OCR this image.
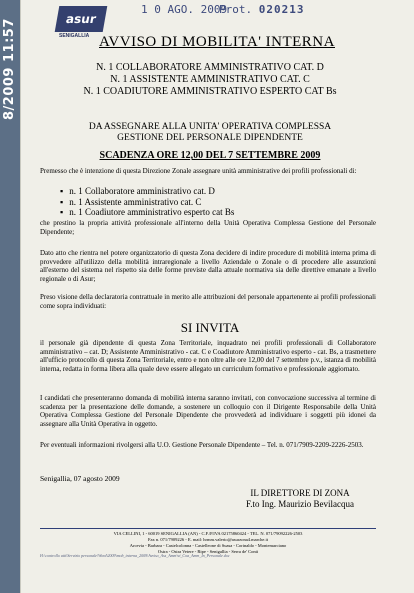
8/2009 11:57	asur
SENIGALLIA
1 0 AGO. 2009
Prot. 020213
AVVISO DI MOBILITA' INTERNA
N. 1 COLLABORATORE AMMINISTRATIVO CAT. D
N. 1 ASSISTENTE AMMINISTRATIVO CAT. C
N. 1 COADIUTORE AMMINISTRATIVO ESPERTO CAT Bs
DA ASSEGNARE ALLA UNITA' OPERATIVA COMPLESSA
GESTIONE DEL PERSONALE DIPENDENTE
SCADENZA ORE 12,00 DEL 7 SETTEMBRE 2009
Premesso che è intenzione di questa Direzione Zonale assegnare unità amministrative dei profili professionali di:
▪ n. 1 Collaboratore amministrativo cat. D
▪ n. 1 Assistente amministrativo cat. C
▪ n. 1 Coadiutore amministrativo esperto cat Bs
che prestino la propria attività professionale all'interno della Unità Operativa Complessa Gestione del Personale Dipendente;
Dato atto che rientra nel potere organizzatorio di questa Zona decidere di indire procedure di mobilità interna prima di provvedere all'utilizzo della mobilità intraregionale a livello Aziendale o Zonale o di procedere alle assunzioni all'esterno del sistema nel rispetto sia delle forme previste dalla attuale normativa sia delle direttive emanate a livello regionale o di Asur;
Preso visione della declaratoria contrattuale in merito alle attribuzioni del personale appartenente ai profili professionali come sopra individuati:
SI INVITA
il personale già dipendente di questa Zona Territoriale, inquadrato nei profili professionali di Collaboratore amministrativo – cat. D; Assistente Amministrativo - cat. C e Coadiutore Amministrativo esperto - cat. Bs, a trasmettere all'ufficio protocollo di questa Zona Territoriale, entro e non oltre alle ore 12,00 del 7 settembre p.v., istanza di mobilità interna, redatta in forma libera alla quale deve essere allegato un curriculum formativo e professionale aggiornato.
I candidati che presenteranno domanda di mobilità interna saranno invitati, con convocazione successiva al termine di scadenza per la presentazione delle domande, a sostenere un colloquio con il Dirigente Responsabile della Unità Operativa Complessa Gestione del Personale Dipendente che provvederà ad individuare i soggetti più idonei da assegnare alla Unità Operativa in oggetto.
Per eventuali informazioni rivolgersi alla U.O. Gestione Personale Dipendente – Tel. n. 071/7909-2209-2226-2503.
Senigallia, 07 agosto 2009
IL DIRETTORE DI ZONA
F.to Ing. Maurizio Bevilacqua
VIA CELLINI, 1 - 60019 SENIGALLIA (AN) - C.F./P.IVA 02175860424 - TEL. N. 071/79092226-2503
Fax n. 071/7909226 - E. mail: hrmm.valerio@asurzona4.marche.it
Arcevia - Barbara - Castelcolonna - Castelleone di Suasa - Corinaldo - Montemarciano
Ostra - Ostra Vetere - Ripe - Senigallia - Serra de' Conti
H:\controllo atti\Servizio personale\Word\2009\mob_interna_2009\Avviso_Ass_Amm\vi_Coa_Amm_In_Personale.doc
